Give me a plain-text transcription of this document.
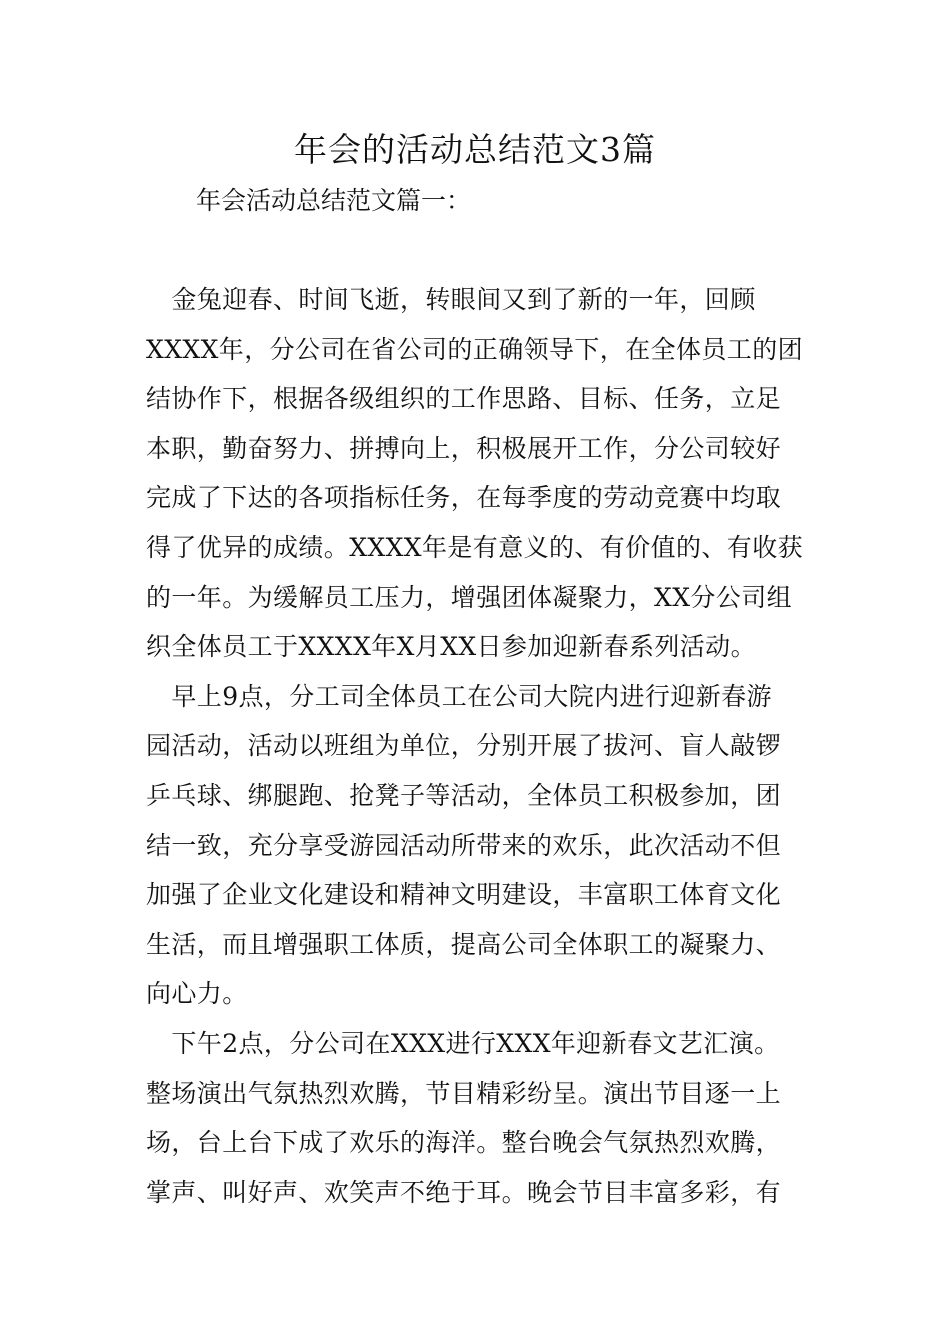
年会的活动总结范文3篇
年会活动总结范文篇一：
　金兔迎春、时间飞逝，转眼间又到了新的一年，回顾
XXXX年，分公司在省公司的正确领导下，在全体员工的团
结协作下，根据各级组织的工作思路、目标、任务，立足
本职，勤奋努力、拼搏向上，积极展开工作，分公司较好
完成了下达的各项指标任务，在每季度的劳动竞赛中均取
得了优异的成绩。XXXX年是有意义的、有价值的、有收获
的一年。为缓解员工压力，增强团体凝聚力，XX分公司组
织全体员工于XXXX年X月XX日参加迎新春系列活动。
　早上9点，分工司全体员工在公司大院内进行迎新春游
园活动，活动以班组为单位，分别开展了拔河、盲人敲锣
乒乓球、绑腿跑、抢凳子等活动，全体员工积极参加，团
结一致，充分享受游园活动所带来的欢乐，此次活动不但
加强了企业文化建设和精神文明建设，丰富职工体育文化
生活，而且增强职工体质，提高公司全体职工的凝聚力、
向心力。
　下午2点，分公司在XXX进行XXX年迎新春文艺汇演。
整场演出气氛热烈欢腾，节目精彩纷呈。演出节目逐一上
场，台上台下成了欢乐的海洋。整台晚会气氛热烈欢腾，
掌声、叫好声、欢笑声不绝于耳。晚会节目丰富多彩，有
